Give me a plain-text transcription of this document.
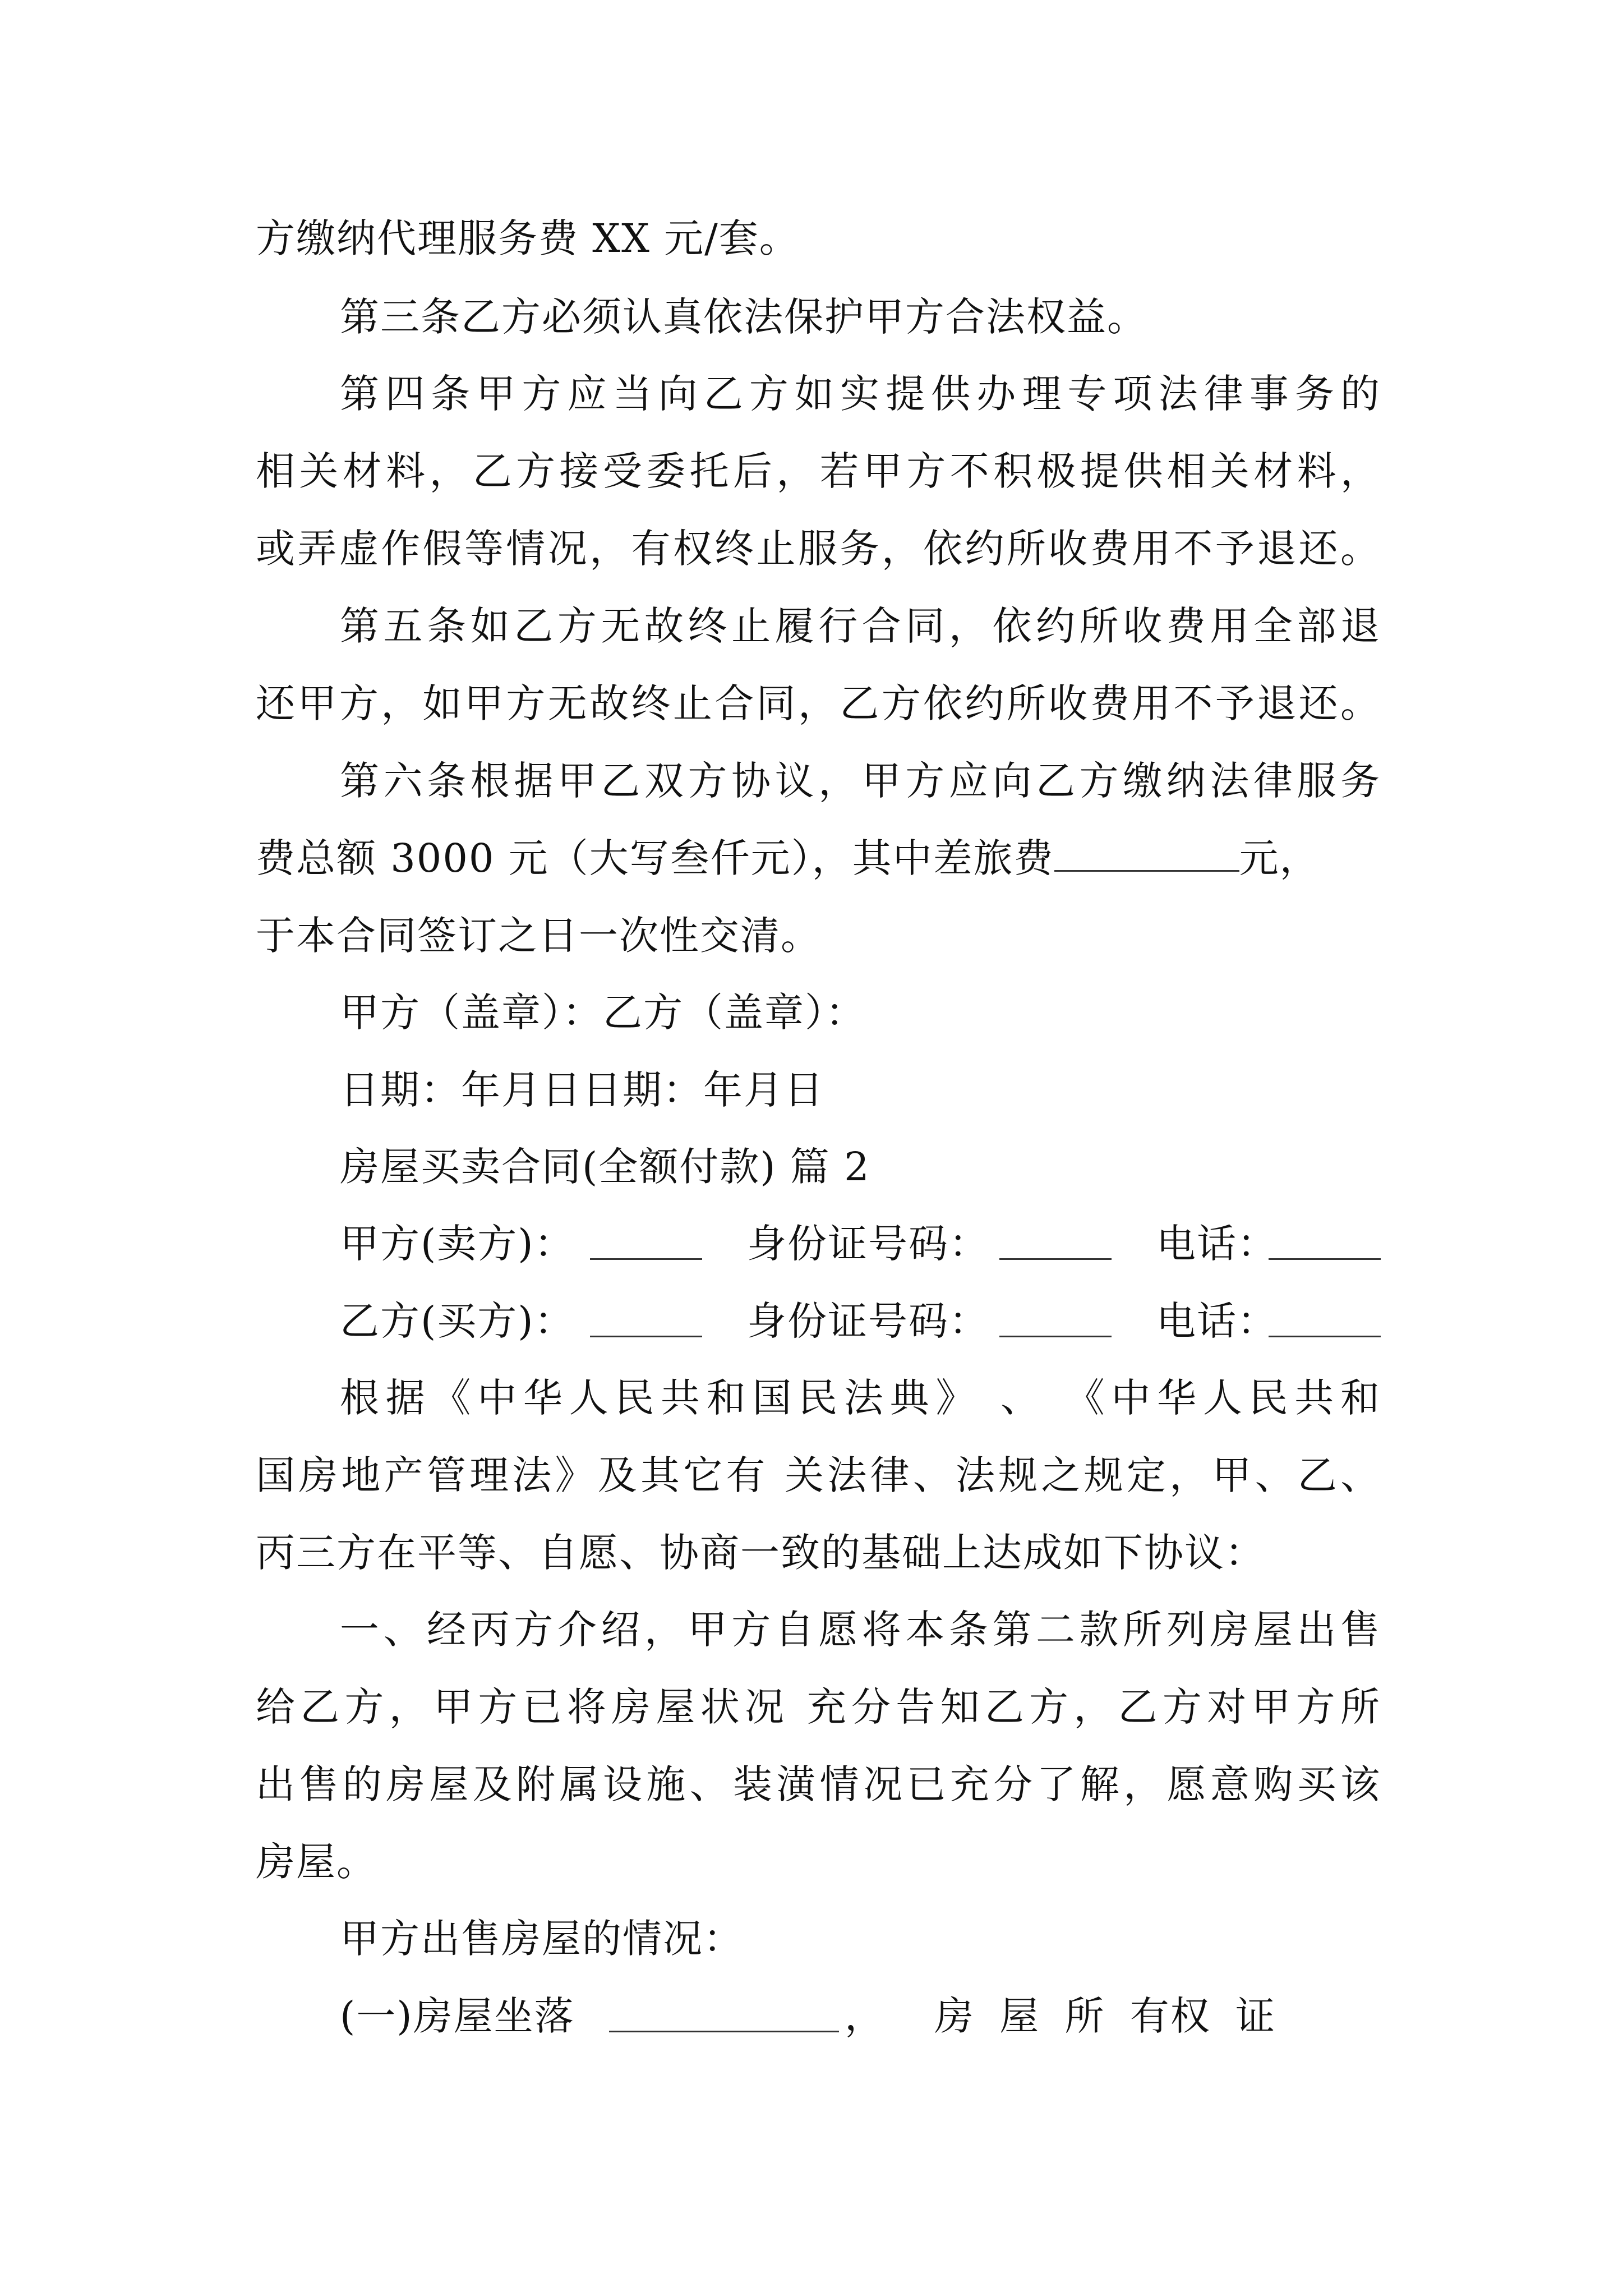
方缴纳代理服务费 XX 元/套。
第三条乙方必须认真依法保护甲方合法权益。
第四条甲方应当向乙方如实提供办理专项法律事务的
相关材料，乙方接受委托后，若甲方不积极提供相关材料，
或弄虚作假等情况，有权终止服务，依约所收费用不予退还。
第五条如乙方无故终止履行合同，依约所收费用全部退
还甲方，如甲方无故终止合同，乙方依约所收费用不予退还。
第六条根据甲乙双方协议，甲方应向乙方缴纳法律服务
费总额 3000 元（大写叁仟元），其中差旅费	元，
于本合同签订之日一次性交清。
甲方（盖章）：乙方（盖章）：
日期：年月日日期：年月日
房屋买卖合同(全额付款) 篇 2
甲方(卖方)：	身份证号码：	电话：
乙方(买方)：	身份证号码：	电话：
根据《中华人民共和国民法典》 、 《中华人民共和
国房地产管理法》及其它有 关法律、法规之规定，甲、乙、
丙三方在平等、自愿、协商一致的基础上达成如下协议：
一、经丙方介绍，甲方自愿将本条第二款所列房屋出售
给乙方，甲方已将房屋状况 充分告知乙方，乙方对甲方所
出售的房屋及附属设施、装潢情况已充分了解，愿意购买该
房屋。
甲方出售房屋的情况：
(一)房屋坐落	， 房 屋 所 有权 证
